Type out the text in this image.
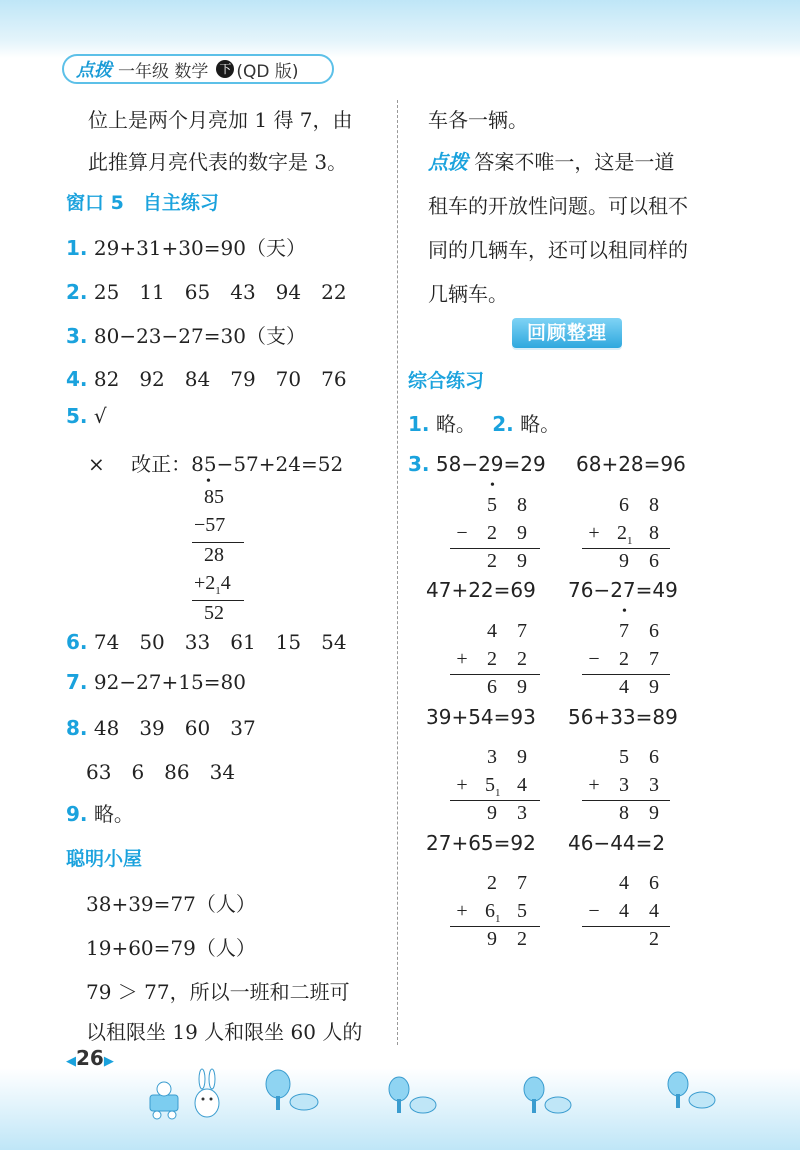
点拨 一年级 数学 下 (QD 版)
位上是两个月亮加 1 得 7，由
此推算月亮代表的数字是 3。
窗口 5　自主练习
1. 29+31+30=90（天）
2. 25　11　65　43　94　22
3. 80−23−27=30（支）
4. 82　92　84　79　70　76
5. √
×　 改正：85−57+24=52
•
85
−57
28
$+2_14$
52
6. 74　50　33　61　15　54
7. 92−27+15=80
8. 48　39　60　37
63　6　86　34
9. 略。
聪明小屋
38+39=77（人）
19+60=79（人）
79 ＞ 77，所以一班和二班可
以租限坐 19 人和限坐 60 人的
车各一辆。
点拨 答案不唯一，这是一道
租车的开放性问题。可以租不
同的几辆车，还可以租同样的
几辆车。
回顾整理
综合练习
1. 略。　 2. 略。
3. 58−29=29 68+28=96
•
5 8
− 2 9
2 9
6 8
+ $2_1$ 8
9 6
47+22=69 76−27=49
4 7
+ 2 2
6 9
•
7 6
− 2 7
4 9
39+54=93 56+33=89
3 9
+ $5_1$ 4
9 3
5 6
+ 3 3
8 9
27+65=92 46−44=2
2 7
+ $6_1$ 5
9 2
4 6
− 4 4
2
◀26▶
